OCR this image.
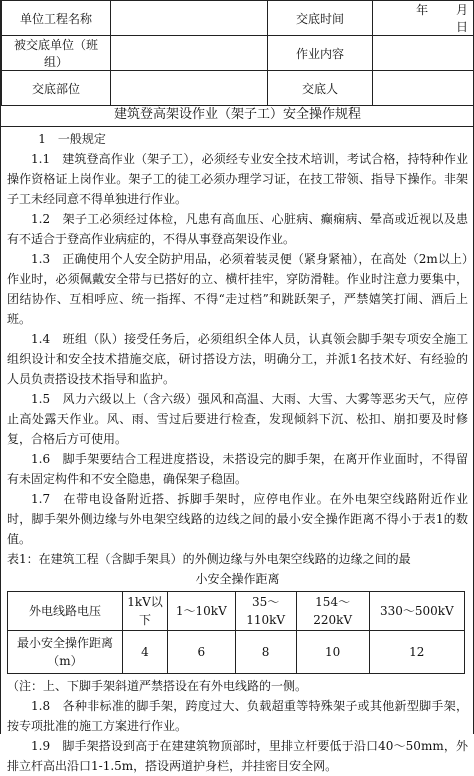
单位工程名称		交底时间	年 月 日
被交底单位（班组）		作业内容	
交底部位		交底人	
建筑登高架设作业（架子工）安全操作规程

1　一般规定

1.1　建筑登高作业（架子工），必须经专业安全技术培训，考试合格，持特种作业操作资格证上岗作业。架子工的徒工必须办理学习证，在技工带领、指导下操作。非架子工未经同意不得单独进行作业。

1.2　架子工必须经过体检，凡患有高血压、心脏病、癫痫病、晕高或近视以及患有不适合于登高作业病症的，不得从事登高架设作业。

1.3　正确使用个人安全防护用品，必须着装灵便（紧身紧袖），在高处（2m以上）作业时，必须佩戴安全带与已搭好的立、横杆挂牢，穿防滑鞋。作业时注意力要集中，团结协作、互相呼应、统一指挥、不得“走过档”和跳跃架子，严禁嬉笑打闹、酒后上班。

1.4　班组（队）接受任务后，必须组织全体人员，认真领会脚手架专项安全施工组织设计和安全技术措施交底，研讨搭设方法，明确分工，并派1名技术好、有经验的人员负责搭设技术指导和监护。

1.5　风力六级以上（含六级）强风和高温、大雨、大雪、大雾等恶劣天气，应停止高处露天作业。风、雨、雪过后要进行检查，发现倾斜下沉、松扣、崩扣要及时修复，合格后方可使用。

1.6　脚手架要结合工程进度搭设，未搭设完的脚手架，在离开作业面时，不得留有未固定构件和不安全隐患，确保架子稳固。

1.7　在带电设备附近搭、拆脚手架时，应停电作业。在外电架空线路附近作业时，脚手架外侧边缘与外电架空线路的边线之间的最小安全操作距离不得小于表1的数值。

表1：在建筑工程（含脚手架具）的外侧边缘与外电架空线路的边缘之间的最
小安全操作距离
外电线路电压	1kV以下	1～10kV	35～110kV	154～220kV	330～500kV
最小安全操作距离（m）	4	6	8	10	12
（注：上、下脚手架斜道严禁搭设在有外电线路的一侧。

1.8　各种非标准的脚手架，跨度过大、负载超重等特殊架子或其他新型脚手架，按专项批准的施工方案进行作业。

1.9　脚手架搭设到高于在建建筑物顶部时，里排立杆要低于沿口40～50mm，外排立杆高出沿口1-1.5m，搭设两道护身栏，并挂密目安全网。
